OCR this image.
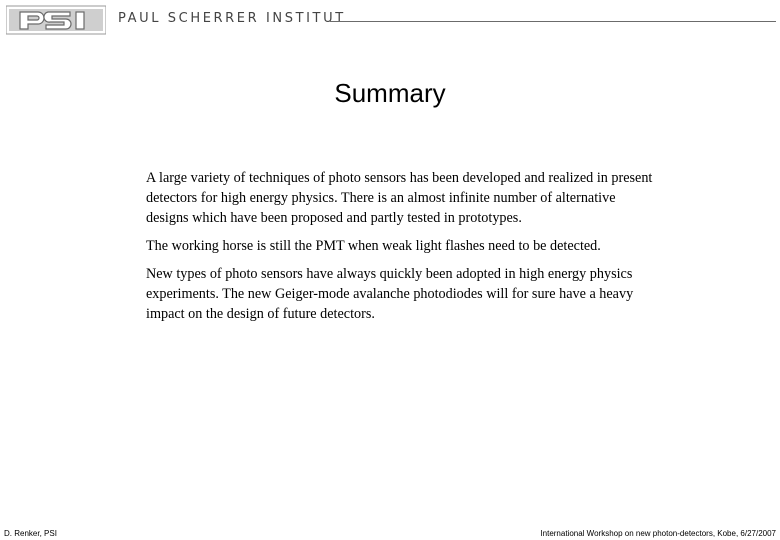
PAUL SCHERRER INSTITUT
Summary

A large variety of techniques of photo sensors has been developed and realized in present detectors for high energy physics. There is an almost infinite number of alternative designs which have been proposed and partly tested in prototypes.

The working horse is still the PMT when weak light flashes need to be detected.

New types of photo sensors have always quickly been adopted in high energy physics experiments. The new Geiger-mode avalanche photodiodes will for sure have a heavy impact on the design of future detectors.

D. Renker, PSI	International Workshop on new photon-detectors, Kobe, 6/27/2007
